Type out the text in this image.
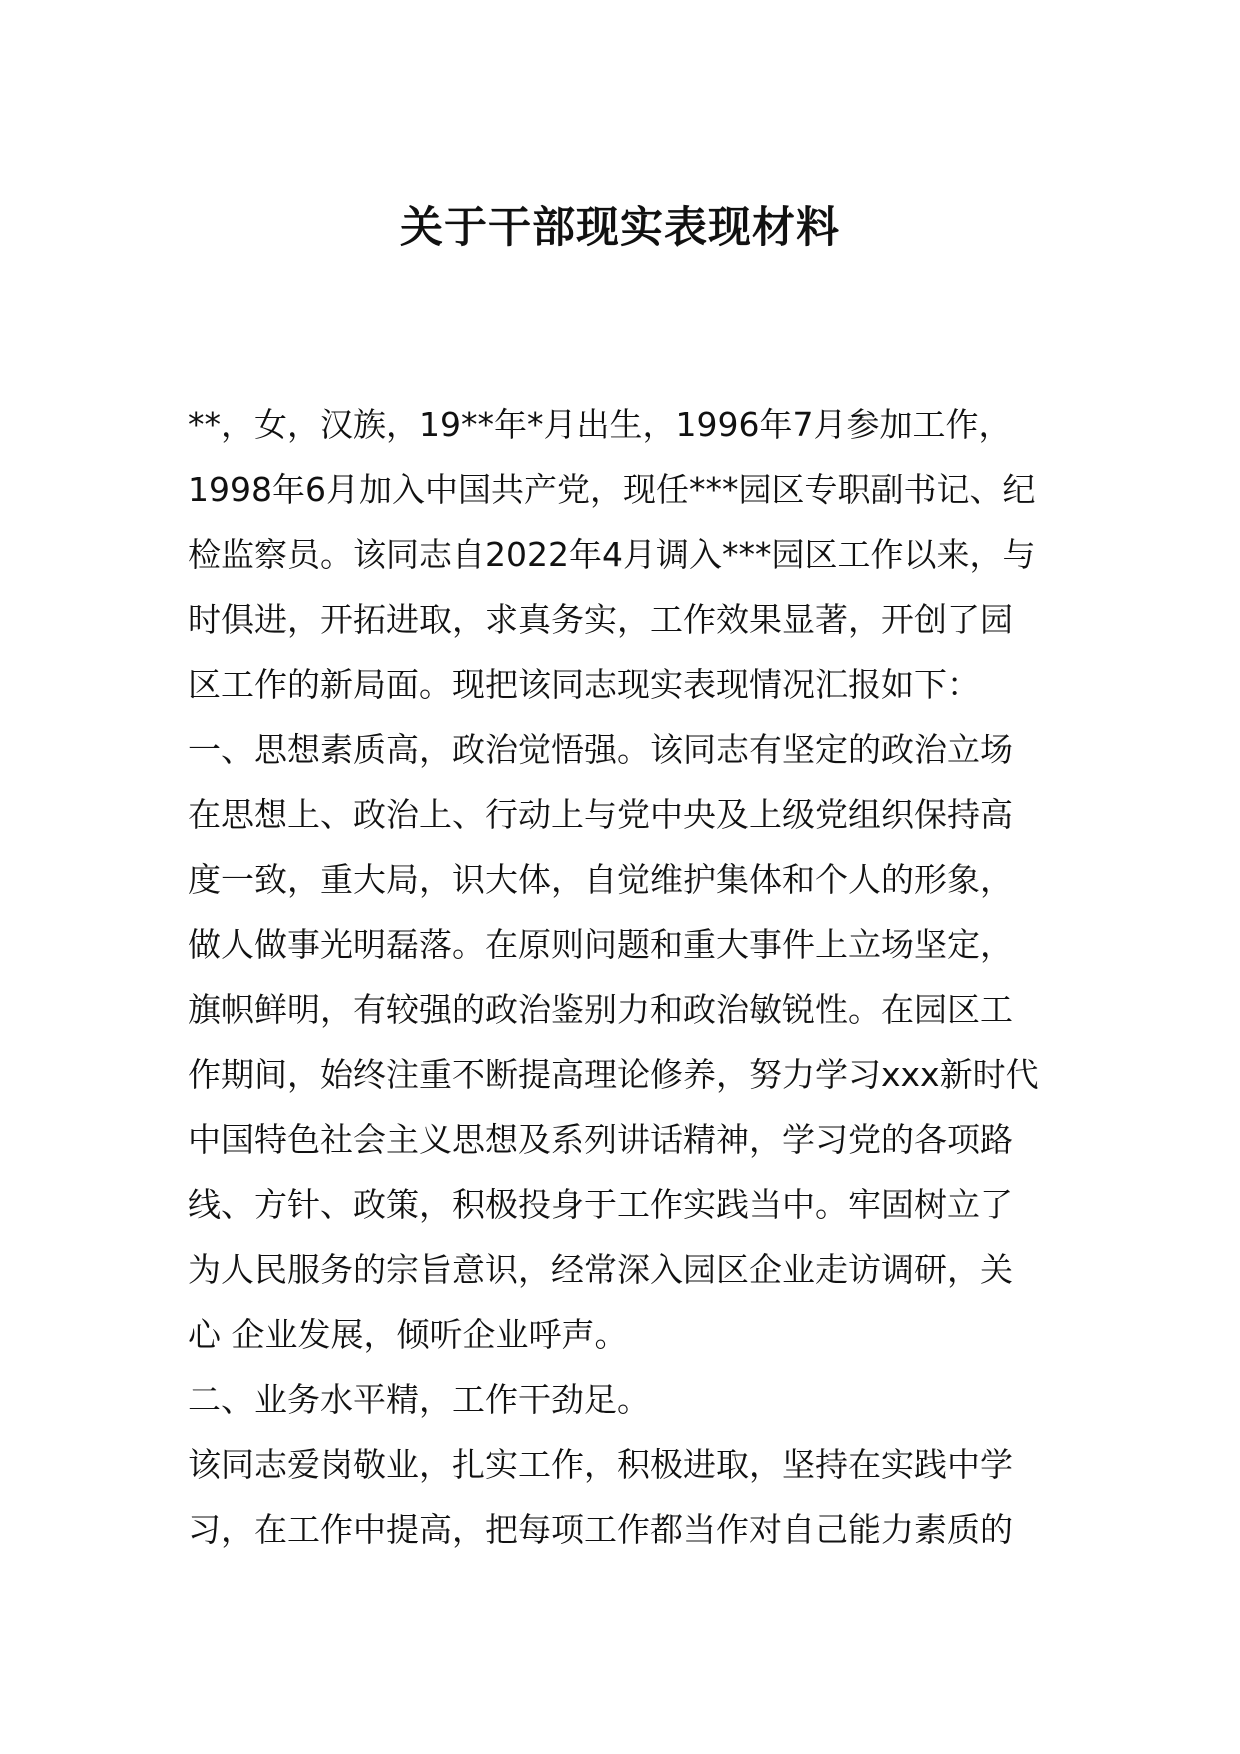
关于干部现实表现材料
**，女，汉族，19**年*月出生，1996年7月参加工作，
1998年6月加入中国共产党，现任***园区专职副书记、纪
检监察员。该同志自2022年4月调入***园区工作以来，与
时俱进，开拓进取，求真务实，工作效果显著，开创了园
区工作的新局面。现把该同志现实表现情况汇报如下：
一、思想素质高，政治觉悟强。该同志有坚定的政治立场
在思想上、政治上、行动上与党中央及上级党组织保持高
度一致，重大局，识大体，自觉维护集体和个人的形象，
做人做事光明磊落。在原则问题和重大事件上立场坚定，
旗帜鲜明，有较强的政治鉴别力和政治敏锐性。在园区工
作期间，始终注重不断提高理论修养，努力学习xxx新时代
中国特色社会主义思想及系列讲话精神，学习党的各项路
线、方针、政策，积极投身于工作实践当中。牢固树立了
为人民服务的宗旨意识，经常深入园区企业走访调研，关
心 企业发展，倾听企业呼声。
二、业务水平精，工作干劲足。
该同志爱岗敬业，扎实工作，积极进取，坚持在实践中学
习，在工作中提高，把每项工作都当作对自己能力素质的
